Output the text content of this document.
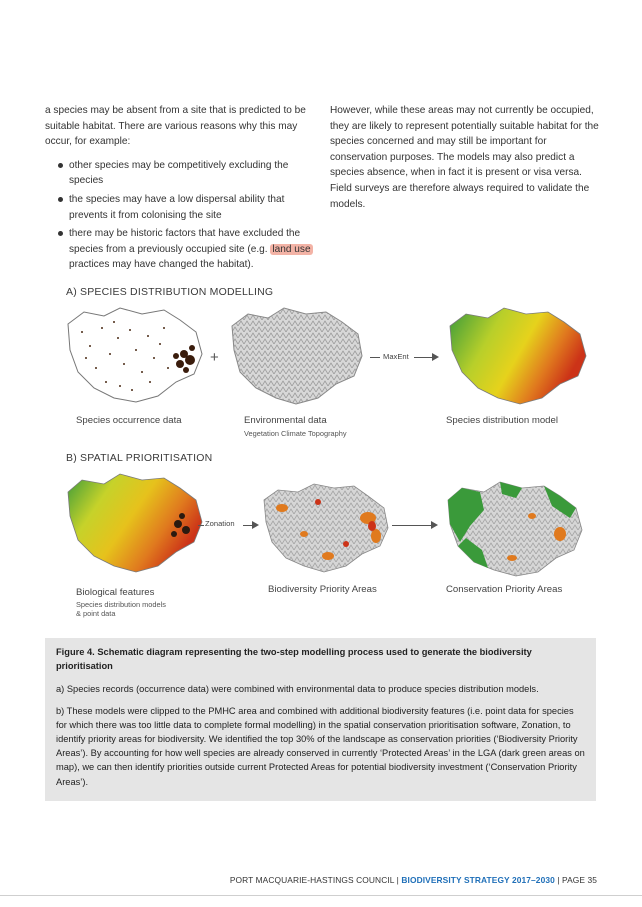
a species may be absent from a site that is predicted to be suitable habitat. There are various reasons why this may occur, for example:

other species may be competitively excluding the species
the species may have a low dispersal ability that prevents it from colonising the site
there may be historic factors that have excluded the species from a previously occupied site (e.g. land use practices may have changed the habitat).

However, while these areas may not currently be occupied, they are likely to represent potentially suitable habitat for the species concerned and may still be important for conservation purposes. The models may also predict a species absence, when in fact it is present or visa versa. Field surveys are therefore always required to validate the models.

A) SPECIES DISTRIBUTION MODELLING
+	MaxEnt
Species occurrence data	Environmental data
Vegetation Climate Topography
Species distribution model
B) SPATIAL PRIORITISATION
Zonation
Biological features
Species distribution models
& point data
Biodiversity Priority Areas	Conservation Priority Areas

Figure 4. Schematic diagram representing the two-step modelling process used to generate the biodiversity prioritisation

a) Species records (occurrence data) were combined with environmental data to produce species distribution models.

b) These models were clipped to the PMHC area and combined with additional biodiversity features (i.e. point data for species for which there was too little data to complete formal modelling) in the spatial conservation prioritisation software, Zonation, to identify priority areas for biodiversity. We identified the top 30% of the landscape as conservation priorities (‘Biodiversity Priority Areas’). By accounting for how well species are already conserved in currently ‘Protected Areas’ in the LGA (dark green areas on map), we can then identify priorities outside current Protected Areas for potential biodiversity investment (‘Conservation Priority Areas’).

PORT MACQUARIE-HASTINGS COUNCIL | BIODIVERSITY STRATEGY 2017–2030 | PAGE 35
